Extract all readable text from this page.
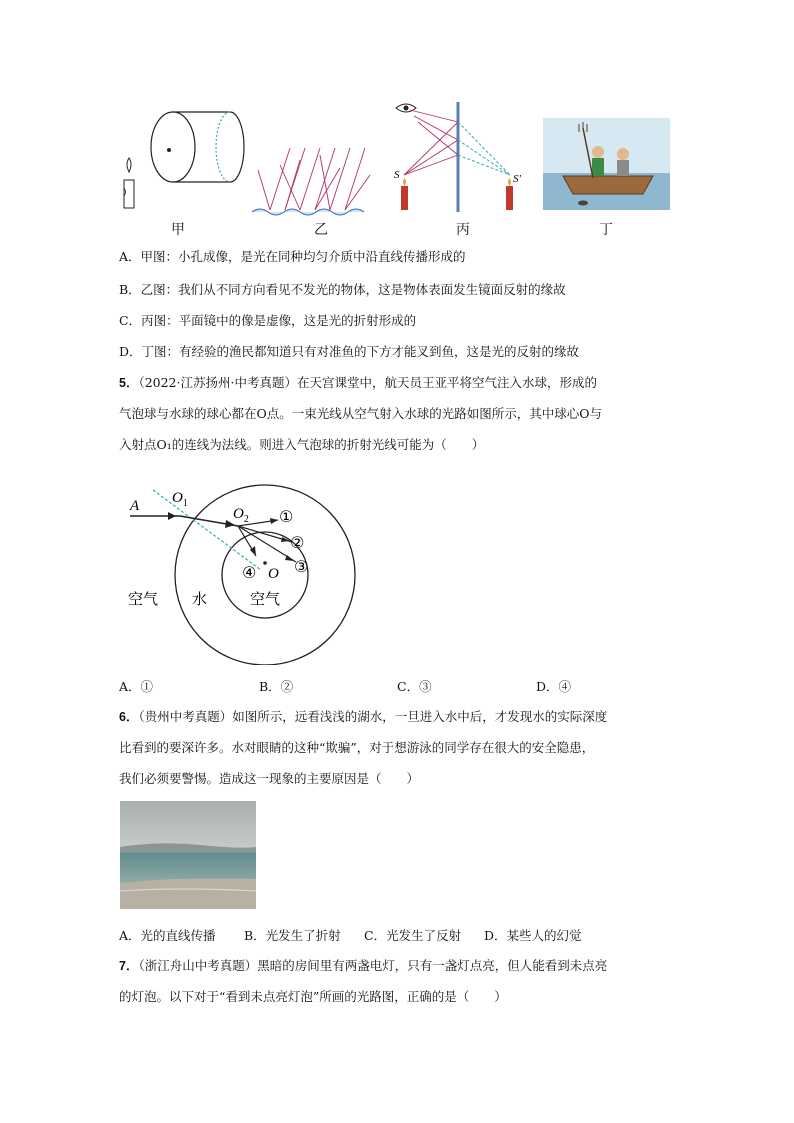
甲	乙
S	S'
丙	丁
A．甲图：小孔成像，是光在同种均匀介质中沿直线传播形成的
B．乙图：我们从不同方向看见不发光的物体，这是物体表面发生镜面反射的缘故
C．丙图：平面镜中的像是虚像，这是光的折射形成的
D．丁图：有经验的渔民都知道只有对准鱼的下方才能叉到鱼，这是光的反射的缘故
5．（2022·江苏扬州·中考真题）在天宫课堂中，航天员王亚平将空气注入水球，形成的
气泡球与水球的球心都在O点。一束光线从空气射入水球的光路如图所示，其中球心O与
入射点O₁的连线为法线。则进入气泡球的折射光线可能为（　　）
A $O_1$
$O_2$
O
①
②
③
④
空气 水	空气
A．①	B．②	C．③	D．④
6．（贵州中考真题）如图所示，远看浅浅的湖水，一旦进入水中后，才发现水的实际深度
比看到的要深许多。水对眼睛的这种“欺骗”，对于想游泳的同学存在很大的安全隐患，
我们必须要警惕。造成这一现象的主要原因是（　　）
A．光的直线传播 B．光发生了折射 C．光发生了反射 D．某些人的幻觉
7．（浙江舟山中考真题）黑暗的房间里有两盏电灯，只有一盏灯点亮，但人能看到未点亮
的灯泡。以下对于“看到未点亮灯泡”所画的光路图，正确的是（　　）
